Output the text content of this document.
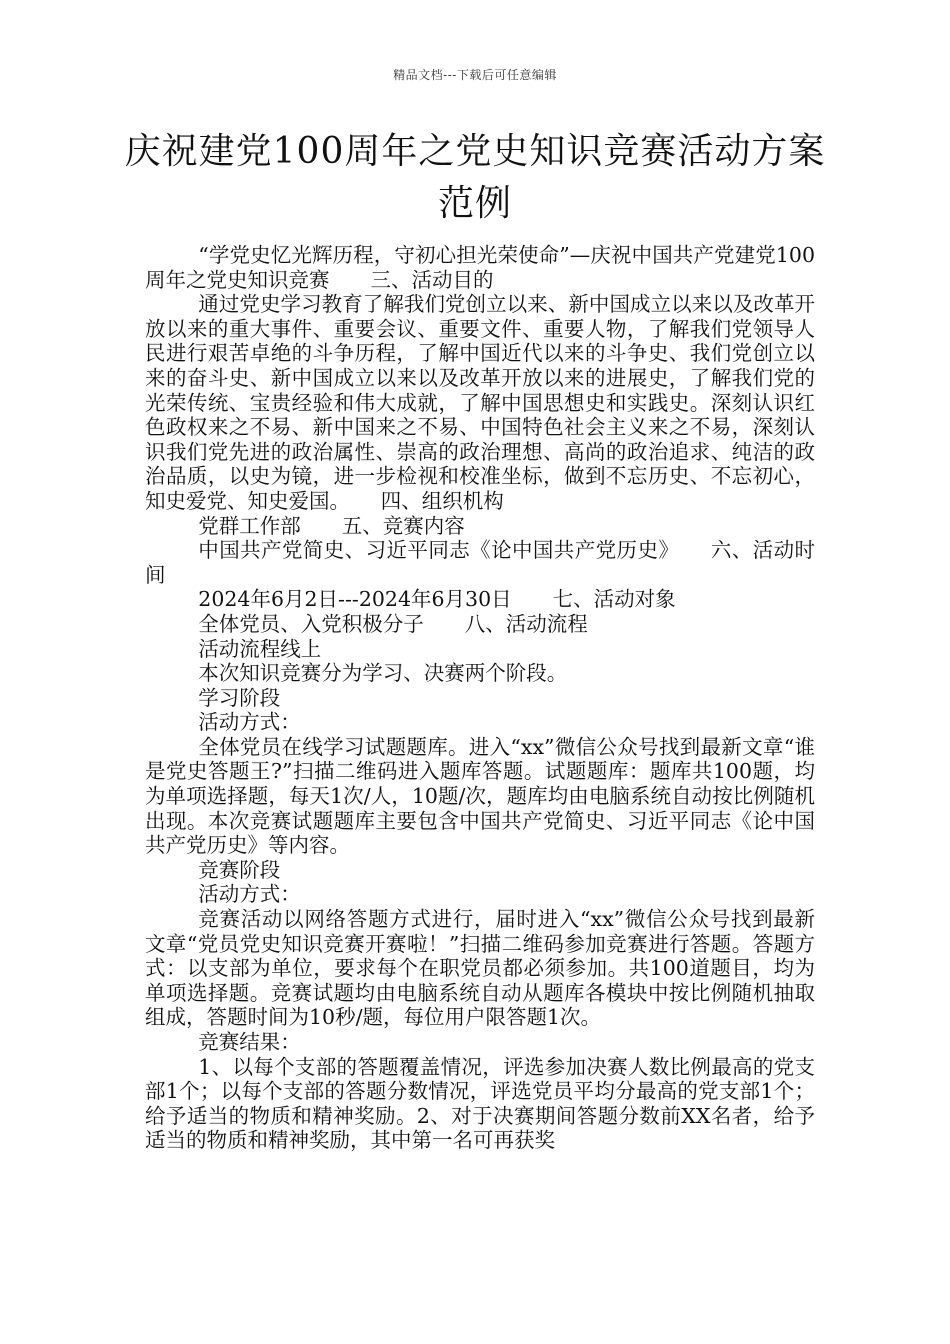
精品文档---下载后可任意编辑
庆祝建党100周年之党史知识竞赛活动方案范例

“学党史忆光辉历程，守初心担光荣使命”—庆祝中国共产党建党100周年之党史知识竞赛　　三、活动目的

通过党史学习教育了解我们党创立以来、新中国成立以来以及改革开放以来的重大事件、重要会议、重要文件、重要人物，了解我们党领导人民进行艰苦卓绝的斗争历程，了解中国近代以来的斗争史、我们党创立以来的奋斗史、新中国成立以来以及改革开放以来的进展史，了解我们党的光荣传统、宝贵经验和伟大成就，了解中国思想史和实践史。深刻认识红色政权来之不易、新中国来之不易、中国特色社会主义来之不易，深刻认识我们党先进的政治属性、崇高的政治理想、高尚的政治追求、纯洁的政治品质，以史为镜，进一步检视和校准坐标，做到不忘历史、不忘初心，知史爱党、知史爱国。　　四、组织机构

党群工作部　　五、竞赛内容

中国共产党简史、习近平同志《论中国共产党历史》　　六、活动时间

2024年6月2日---2024年6月30日　　七、活动对象

全体党员、入党积极分子　　八、活动流程

活动流程线上

本次知识竞赛分为学习、决赛两个阶段。

学习阶段

活动方式：

全体党员在线学习试题题库。进入“xx”微信公众号找到最新文章“谁是党史答题王?”扫描二维码进入题库答题。试题题库：题库共100题，均为单项选择题，每天1次/人，10题/次，题库均由电脑系统自动按比例随机出现。本次竞赛试题题库主要包含中国共产党简史、习近平同志《论中国共产党历史》等内容。

竞赛阶段

活动方式：

竞赛活动以网络答题方式进行，届时进入“xx”微信公众号找到最新文章“党员党史知识竞赛开赛啦！”扫描二维码参加竞赛进行答题。答题方式：以支部为单位，要求每个在职党员都必须参加。共100道题目，均为单项选择题。竞赛试题均由电脑系统自动从题库各模块中按比例随机抽取组成，答题时间为10秒/题，每位用户限答题1次。

竞赛结果：

1、以每个支部的答题覆盖情况，评选参加决赛人数比例最高的党支部1个；以每个支部的答题分数情况，评选党员平均分最高的党支部1个；给予适当的物质和精神奖励。2、对于决赛期间答题分数前XX名者，给予适当的物质和精神奖励，其中第一名可再获奖
